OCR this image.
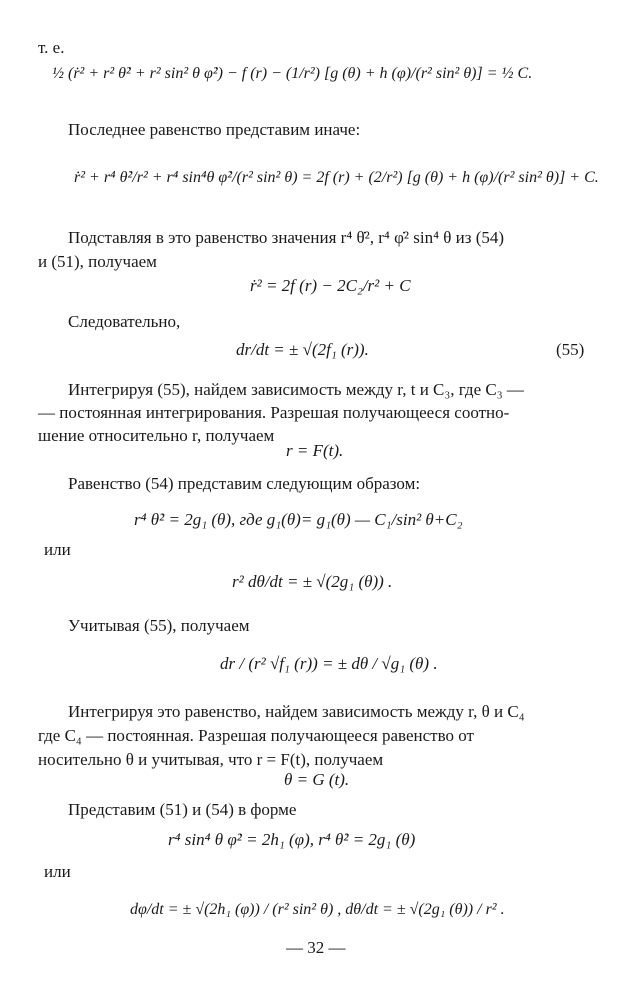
т. е.
½ (ṙ² + r² θ̇² + r² sin² θ φ̇²) − f (r) − (1/r²) [g (θ) + h (φ)/(r² sin² θ)] = ½ C.
Последнее равенство представим иначе:
ṙ² + r⁴ θ̇²/r² + r⁴ sin⁴θ φ̇²/(r² sin² θ) = 2f (r) + (2/r²) [g (θ) + h (φ)/(r² sin² θ)] + C.
Подставляя в это равенство значения r⁴ θ̇², r⁴ φ̇² sin⁴ θ из (54)
и (51), получаем
ṙ² = 2f (r) − 2C₂/r² + C
Следовательно,
dr/dt = ± √(2f₁ (r)).	(55)
Интегрируя (55), найдем зависимость между r, t и C₃, где C₃ —
— постоянная интегрирования. Разрешая получающееся соотно-
шение относительно r, получаем
r = F(t).
Равенство (54) представим следующим образом:
r⁴ θ̇² = 2g₁ (θ), где g₁(θ)= g₁(θ) — C₁/sin² θ+C₂
или
r² dθ/dt = ± √(2g₁ (θ)) .
Учитывая (55), получаем
dr / (r² √f₁ (r)) = ± dθ / √g₁ (θ) .
Интегрируя это равенство, найдем зависимость между r, θ и C₄
где C₄ — постоянная. Разрешая получающееся равенство от
носительно θ и учитывая, что r = F(t), получаем
θ = G (t).
Представим (51) и (54) в форме
r⁴ sin⁴ θ φ̇² = 2h₁ (φ), r⁴ θ̇² = 2g₁ (θ)
или
dφ/dt = ± √(2h₁ (φ)) / (r² sin² θ) , dθ/dt = ± √(2g₁ (θ)) / r² .
— 32 —
